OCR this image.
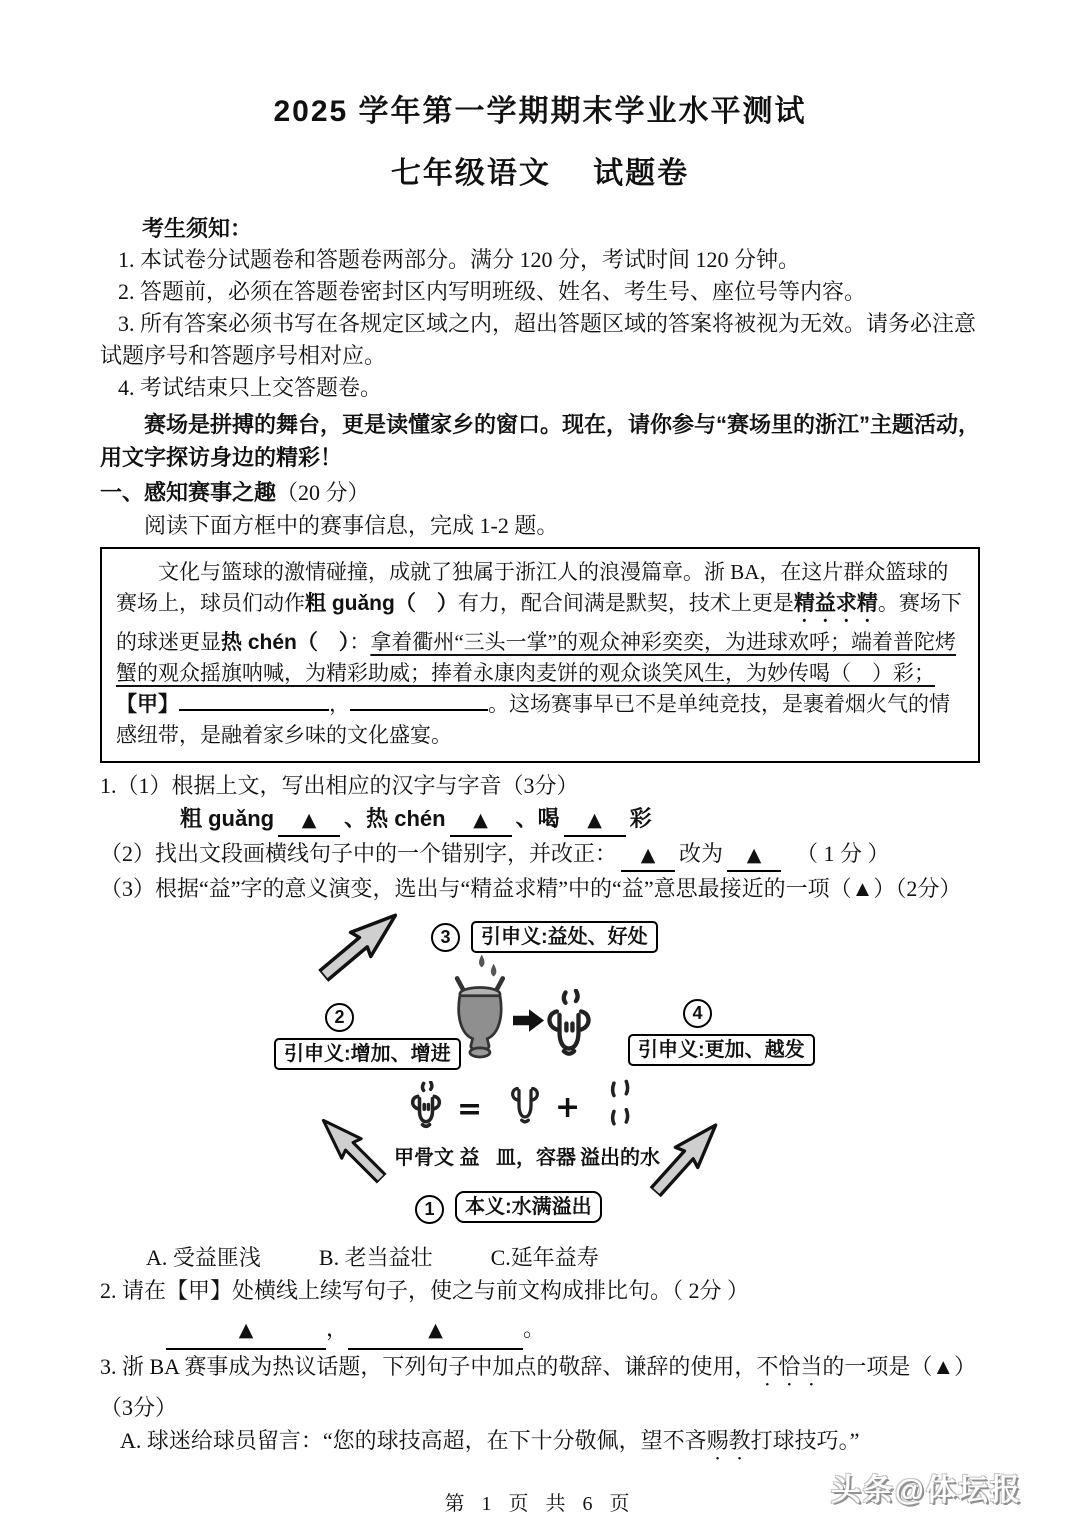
2025 学年第一学期期末学业水平测试
七年级语文　 试题卷
考生须知：

1. 本试卷分试题卷和答题卷两部分。满分 120 分，考试时间 120 分钟。

2. 答题前，必须在答题卷密封区内写明班级、姓名、考生号、座位号等内容。

3. 所有答案必须书写在各规定区域之内，超出答题区域的答案将被视为无效。请务必注意试题序号和答题序号相对应。

4. 考试结束只上交答题卷。

赛场是拼搏的舞台，更是读懂家乡的窗口。现在，请你参与“赛场里的浙江”主题活动，用文字探访身边的精彩！

一、感知赛事之趣（20 分）

阅读下面方框中的赛事信息，完成 1-2 题。

文化与篮球的激情碰撞，成就了独属于浙江人的浪漫篇章。浙 BA，在这片群众篮球的赛场上，球员们动作粗 guǎng（　）有力，配合间满是默契，技术上更是精益求精。赛场下的球迷更显热 chén（　）：拿着衢州“三头一掌”的观众神彩奕奕，为进球欢呼；端着普陀烤蟹的观众摇旗呐喊，为精彩助威；捧着永康肉麦饼的观众谈笑风生，为妙传喝（　）彩；【甲】	，	。这场赛事早已不是单纯竞技，是裹着烟火气的情感纽带，是融着家乡味的文化盛宴。

1.（1）根据上文，写出相应的汉字与字音（3分）

粗 guǎng ▲ 、热 chén ▲ 、喝 ▲ 彩

（2）找出文段画横线句子中的一个错别字，并改正： ▲ 改为 ▲　 （ 1 分 ）

（3）根据“益”字的意义演变，选出与“精益求精”中的“益”意思最接近的一项（▲）（2分）

3	引申义:益处、好处
2
引申义:增加、增进
4
引申义:更加、越发
= +
甲骨文 益 皿，容器 溢出的水
1	本义:水满溢出

A. 受益匪浅	B. 老当益壮	C.延年益寿

2. 请在【甲】处横线上续写句子，使之与前文构成排比句。（ 2分 ）

▲	，	▲	。

3. 浙 BA 赛事成为热议话题，下列句子中加点的敬辞、谦辞的使用，不恰当的一项是（▲）（3分）

A. 球迷给球员留言：“您的球技高超，在下十分敬佩，望不吝赐教打球技巧。”

第 1 页 共 6 页	头条@体坛报
